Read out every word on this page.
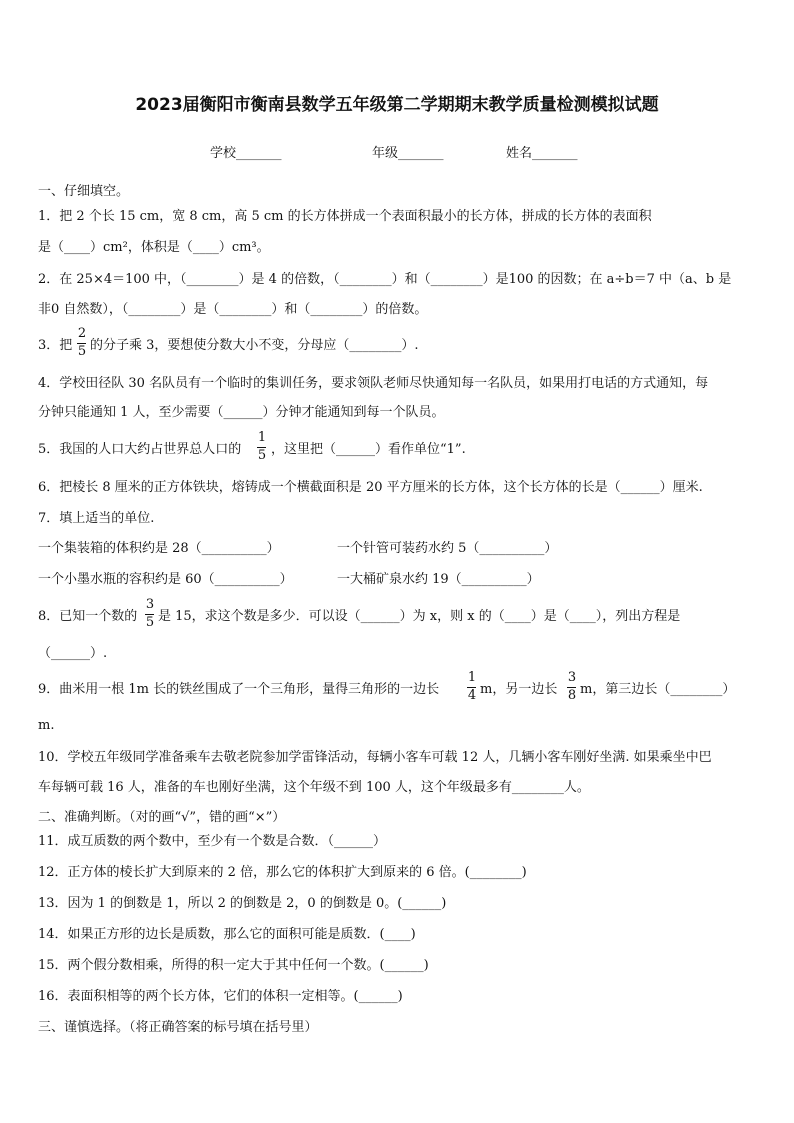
2023届衡阳市衡南县数学五年级第二学期期末教学质量检测模拟试题
学校_______	年级_______	姓名_______
一、仔细填空。
1．把 2 个长 15 cm，宽 8 cm，高 5 cm 的长方体拼成一个表面积最小的长方体，拼成的长方体的表面积
是（____）cm²，体积是（____）cm³。
2．在 25×4＝100 中，（________）是 4 的倍数，（________）和（________）是100 的因数；在 a÷b＝7 中（a、b 是
非0 自然数），（________）是（________）和（________）的倍数。
3．把
2
5 的分子乘 3，要想使分数大小不变，分母应（________）.
4．学校田径队 30 名队员有一个临时的集训任务，要求领队老师尽快通知每一名队员，如果用打电话的方式通知，每
分钟只能通知 1 人，至少需要（______）分钟才能通知到每一个队员。
5．我国的人口大约占世界总人口的
1
5 ，这里把（______）看作单位“1”.
6．把棱长 8 厘米的正方体铁块，熔铸成一个横截面积是 20 平方厘米的长方体，这个长方体的长是（______）厘米.
7．填上适当的单位.
一个集装箱的体积约是 28（__________）	一个针管可装药水约 5（__________）
一个小墨水瓶的容积约是 60（__________）	一大桶矿泉水约 19（__________）
8．已知一个数的
3
5 是 15，求这个数是多少．可以设（______）为 x，则 x 的（____）是（____），列出方程是
（______）.
9．曲米用一根 1m 长的铁丝围成了一个三角形，量得三角形的一边长
1
4 m，另一边长
3
8 m，第三边长（________）
m.
10．学校五年级同学准备乘车去敬老院参加学雷锋活动，每辆小客车可载 12 人，几辆小客车刚好坐满. 如果乘坐中巴
车每辆可载 16 人，准备的车也刚好坐满，这个年级不到 100 人，这个年级最多有________人。
二、准确判断。（对的画“√”，错的画“×”）
11．成互质数的两个数中，至少有一个数是合数．（______）
12．正方体的棱长扩大到原来的 2 倍，那么它的体积扩大到原来的 6 倍。(________)
13．因为 1 的倒数是 1，所以 2 的倒数是 2，0 的倒数是 0。(______)
14．如果正方形的边长是质数，那么它的面积可能是质数．(____)
15．两个假分数相乘，所得的积一定大于其中任何一个数。(______)
16．表面积相等的两个长方体，它们的体积一定相等。(______)
三、谨慎选择。（将正确答案的标号填在括号里）
